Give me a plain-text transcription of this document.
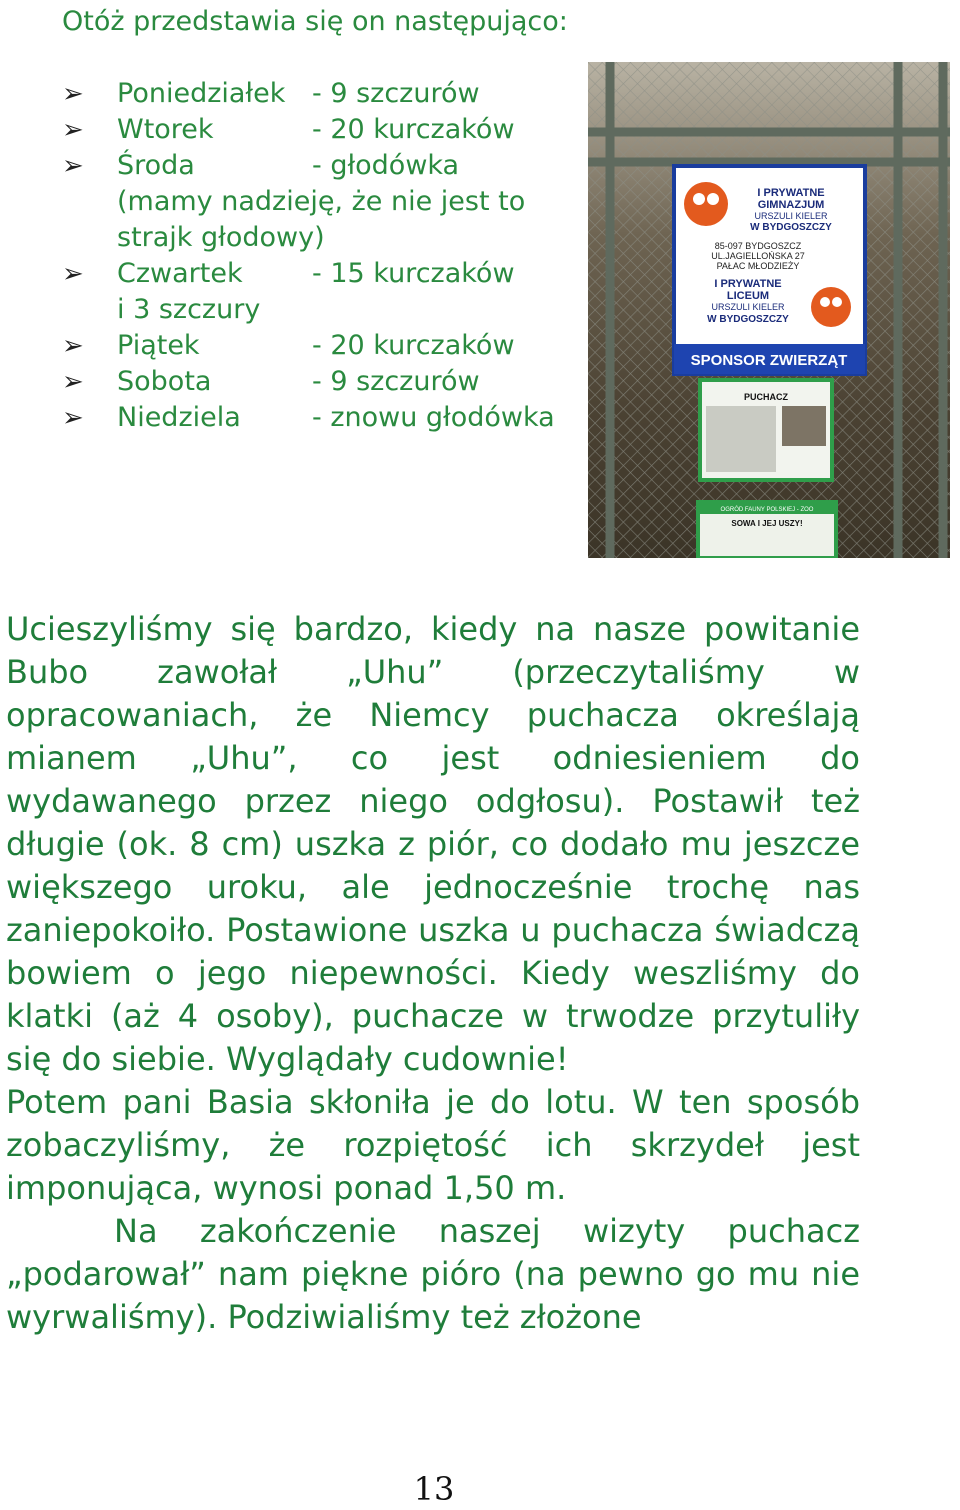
Otóż przedstawia się on następująco:
➢ Poniedziałek - 9 szczurów
➢ Wtorek	- 20 kurczaków
➢ Środa	- głodówka
(mamy nadzieję, że nie jest to strajk głodowy)
➢ Czwartek	- 15 kurczaków
i 3 szczury
➢ Piątek	- 20 kurczaków
➢ Sobota	- 9 szczurów
➢ Niedziela	- znowu głodówka
I PRYWATNE
GIMNAZJUM
URSZULI KIELER
W BYDGOSZCZY
85-097 BYDGOSZCZ
UL.JAGIELLOŃSKA 27
PAŁAC MŁODZIEŻY
I PRYWATNE
LICEUM
URSZULI KIELER
W BYDGOSZCZY
SPONSOR ZWIERZĄT
PUCHACZ
OGRÓD FAUNY POLSKIEJ - ZOO
SOWA I JEJ USZY!

Ucieszyliśmy się bardzo, kiedy na nasze powitanie Bubo zawołał „Uhu” (przeczytaliśmy w opracowaniach, że Niemcy puchacza określają mianem „Uhu”, co jest odniesieniem do wydawanego przez niego odgłosu). Postawił też długie (ok. 8 cm) uszka z piór, co dodało mu jeszcze większego uroku, ale jednocześnie trochę nas zaniepokoiło. Postawione uszka u puchacza świadczą bowiem o jego niepewności. Kiedy weszliśmy do klatki (aż 4 osoby), puchacze w trwodze przytuliły się do siebie. Wyglądały cudownie!

Potem pani Basia skłoniła je do lotu. W ten sposób zobaczyliśmy, że rozpiętość ich skrzydeł jest imponująca, wynosi ponad 1,50 m.

Na zakończenie naszej wizyty puchacz „podarował” nam piękne pióro (na pewno go mu nie wyrwaliśmy). Podziwialiśmy też złożone

13
